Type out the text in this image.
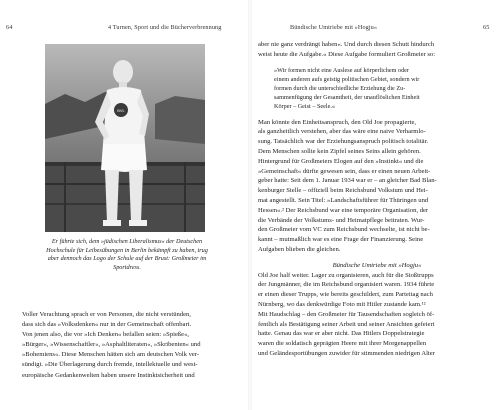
64	4 Turnen, Sport und die Bücherverbrennung
BVL
Er führte sich, dem »jüdischen Liberalismus« der Deutschen
Hochschule für Leibesübungen in Berlin bekämpft zu haben, trug
aber dennoch das Logo der Schule auf der Brust: Großmeier im
Sportdress.
Voller Verachtung sprach er von Personen, die nicht verstünden,
dass sich das »Volksdenken« nur in der Gemeinschaft offenbart.
Von jenen also, die vor »Ich Denken« befallen seien: »Spieße«,
»Bürger«, »Wissenschaftler«, »Asphaltliteraten«, »Skribenten« und
»Bohemiens«. Diese Menschen hätten sich am deutschen Volk ver-
sündigt. »Die Überlagerung durch fremde, intellektuelle und west-
europäische Gedankenwelten haben unsere Instinktsicherheit und
Bündische Umtriebe mit »Hogju«	65
aber nie ganz verdrängt haben«. Und durch diesen Schutt hindurch
weist heute die Aufgabe.« Diese Aufgabe formuliert Großmeier so:
»Wir formen nicht eine Auslese auf körperlichem oder
einem anderen aufs geistig politischen Gebiet, sondern wir
formen durch die unterschiedliche Erziehung die Zu-
sammenfügung der Gesamtheit, der unauflöslichen Einheit
Körper – Geist – Seele.«
Man könnte den Einheitsanspruch, den Old Joe propagierte,
als ganzheitlich verstehen, aber das wäre eine naive Verharmlo-
sung. Tatsächlich war der Erziehungsanspruch politisch totalitär.
Dem Menschen sollte kein Zipfel seines Seins allein gehören.
Hintergrund für Großmeiers Elogen auf den »Instinkt« und die
»Gemeinschaft« dürfte gewesen sein, dass er einen neuen Arbeit-
geber hatte: Seit dem 1. Januar 1934 war er – an gleicher Bad Blan-
kenburger Stelle – offiziell beim Reichsbund Volkstum und Hei-
mat angestellt. Sein Titel: »Landschaftsführer für Thüringen und
Hessen«.² Der Reichsbund war eine temporäre Organisation, der
die Verbände der Volkstums- und Heimatpflege beitraten. Wur-
den Großmeier vom VC zum Reichsbund wechselte, ist nicht be-
kannt – mutmaßlich war es eine Frage der Finanzierung. Seine
Aufgaben blieben die gleichen.
Bündische Umtriebe mit »Hogju«
Old Joe half weiter. Lager zu organisieren, auch für die Stoßtrupps
der Jungmänner, die im Reichsbund organisiert waren. 1934 führte
er einen dieser Trupps, wie bereits geschildert, zum Parteitag nach
Nürnberg, wo das denkwürdige Foto mit Hitler zustande kam.¹²
Mit Haudschlag – den Großmeier für Tausendschaften sogleich öf-
fentlich als Bestätigung seiner Arbeit und seiner Ansichten gefeiert
hatte. Genau das war er aber nicht. Das Hitlers Doppelstrategie
waren die soldatisch geprägten Heere mit ihrer Morgenappellen
und Geländesportübungen zuwider für stimmenden niedrigen Alter
